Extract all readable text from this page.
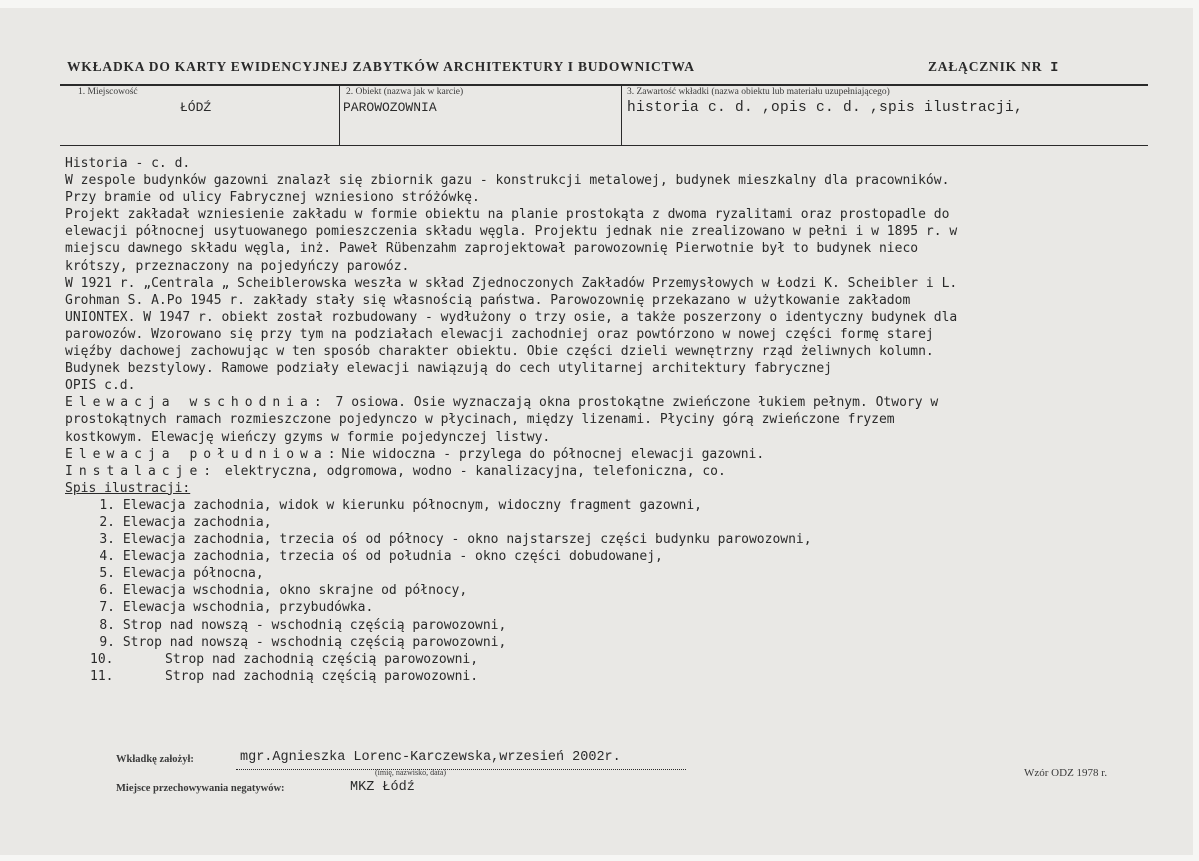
WKŁADKA DO KARTY EWIDENCYJNEJ ZABYTKÓW ARCHITEKTURY I BUDOWNICTWA	ZAŁĄCZNIK NR I
1. Miejscowość
ŁÓDŹ
2. Obiekt (nazwa jak w karcie)
PAROWOZOWNIA
3. Zawartość wkładki (nazwa obiektu lub materiału uzupełniającego)
historia c. d. ,opis c. d. ,spis ilustracji,

Historia - c. d.

W zespole budynków gazowni znalazł się zbiornik gazu - konstrukcji metalowej, budynek mieszkalny dla pracowników.

Przy bramie od ulicy Fabrycznej wzniesiono stróżówkę.

Projekt zakładał wzniesienie zakładu w formie obiektu na planie prostokąta z dwoma ryzalitami oraz prostopadle do

elewacji północnej usytuowanego pomieszczenia składu węgla. Projektu jednak nie zrealizowano w pełni i w 1895 r. w

miejscu dawnego składu węgla, inż. Paweł Rübenzahm zaprojektował parowozownię Pierwotnie był to budynek nieco

krótszy, przeznaczony na pojedyńczy parowóz.

W 1921 r. „Centrala „ Scheiblerowska weszła w skład Zjednoczonych Zakładów Przemysłowych w Łodzi K. Scheibler i L.

Grohman S. A.Po 1945 r. zakłady stały się własnością państwa. Parowozownię przekazano w użytkowanie zakładom

UNIONTEX. W 1947 r. obiekt został rozbudowany - wydłużony o trzy osie, a także poszerzony o identyczny budynek dla

parowozów. Wzorowano się przy tym na podziałach elewacji zachodniej oraz powtórzono w nowej części formę starej

więźby dachowej zachowując w ten sposób charakter obiektu. Obie części dzieli wewnętrzny rząd żeliwnych kolumn.

Budynek bezstylowy. Ramowe podziały elewacji nawiązują do cech utylitarnej architektury fabrycznej

OPIS c.d.

Elewacja wschodnia: 7 osiowa. Osie wyznaczają okna prostokątne zwieńczone łukiem pełnym. Otwory w

prostokątnych ramach rozmieszczone pojedynczo w płycinach, między lizenami. Płyciny górą zwieńczone fryzem

kostkowym. Elewację wieńczy gzyms w formie pojedynczej listwy.

Elewacja południowa:Nie widoczna - przylega do północnej elewacji gazowni.

Instalacje: elektryczna, odgromowa, wodno - kanalizacyjna, telefoniczna, co.

Spis ilustracji:

1. Elewacja zachodnia, widok w kierunku północnym, widoczny fragment gazowni,
2. Elewacja zachodnia,
3. Elewacja zachodnia, trzecia oś od północy - okno najstarszej części budynku parowozowni,
4. Elewacja zachodnia, trzecia oś od południa - okno części dobudowanej,
5. Elewacja północna,
6. Elewacja wschodnia, okno skrajne od północy,
7. Elewacja wschodnia, przybudówka.
8. Strop nad nowszą - wschodnią częścią parowozowni,
9. Strop nad nowszą - wschodnią częścią parowozowni,
10.	Strop nad zachodnią częścią parowozowni,
11.	Strop nad zachodnią częścią parowozowni.
Wkładkę założył:	mgr.Agnieszka Lorenc-Karczewska,wrzesień 2002r.
(imię, nazwisko, data)	Wzór ODZ 1978 r.
Miejsce przechowywania negatywów:	MKZ Łódź
